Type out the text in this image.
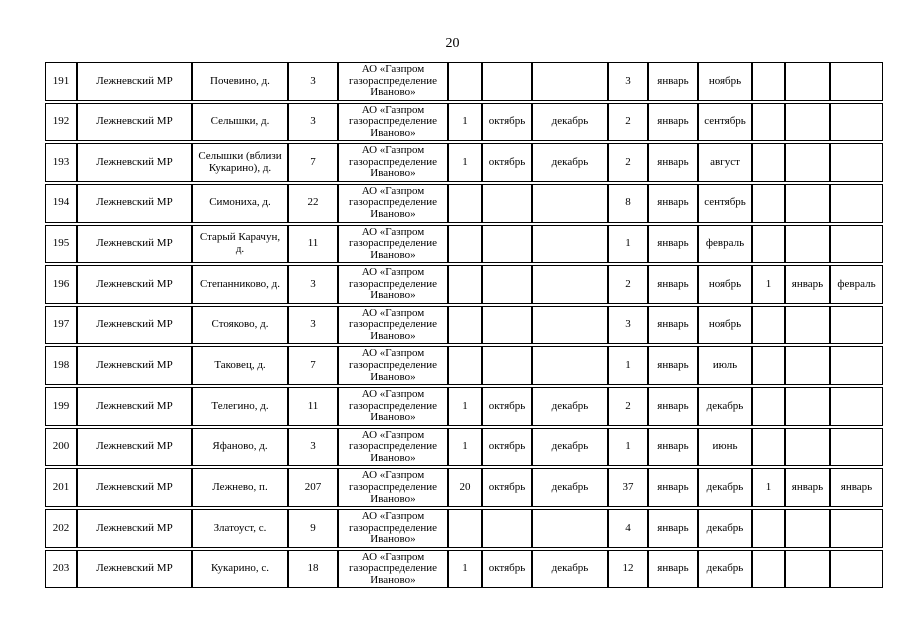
20
191	Лежневский МР	Почевино, д.	3	АО «Газпром газораспределение Иваново»				3	январь	ноябрь			
192	Лежневский МР	Селышки, д.	3	АО «Газпром газораспределение Иваново»	1	октябрь	декабрь	2	январь	сентябрь			
193	Лежневский МР	Селышки (вблизи Кукарино), д.	7	АО «Газпром газораспределение Иваново»	1	октябрь	декабрь	2	январь	август			
194	Лежневский МР	Симониха, д.	22	АО «Газпром газораспределение Иваново»				8	январь	сентябрь			
195	Лежневский МР	Старый Карачун, д.	11	АО «Газпром газораспределение Иваново»				1	январь	февраль			
196	Лежневский МР	Степанниково, д.	3	АО «Газпром газораспределение Иваново»				2	январь	ноябрь	1	январь	февраль
197	Лежневский МР	Стояково, д.	3	АО «Газпром газораспределение Иваново»				3	январь	ноябрь			
198	Лежневский МР	Таковец, д.	7	АО «Газпром газораспределение Иваново»				1	январь	июль			
199	Лежневский МР	Телегино, д.	11	АО «Газпром газораспределение Иваново»	1	октябрь	декабрь	2	январь	декабрь			
200	Лежневский МР	Яфаново, д.	3	АО «Газпром газораспределение Иваново»	1	октябрь	декабрь	1	январь	июнь			
201	Лежневский МР	Лежнево, п.	207	АО «Газпром газораспределение Иваново»	20	октябрь	декабрь	37	январь	декабрь	1	январь	январь
202	Лежневский МР	Златоуст, с.	9	АО «Газпром газораспределение Иваново»				4	январь	декабрь			
203	Лежневский МР	Кукарино, с.	18	АО «Газпром газораспределение Иваново»	1	октябрь	декабрь	12	январь	декабрь			
